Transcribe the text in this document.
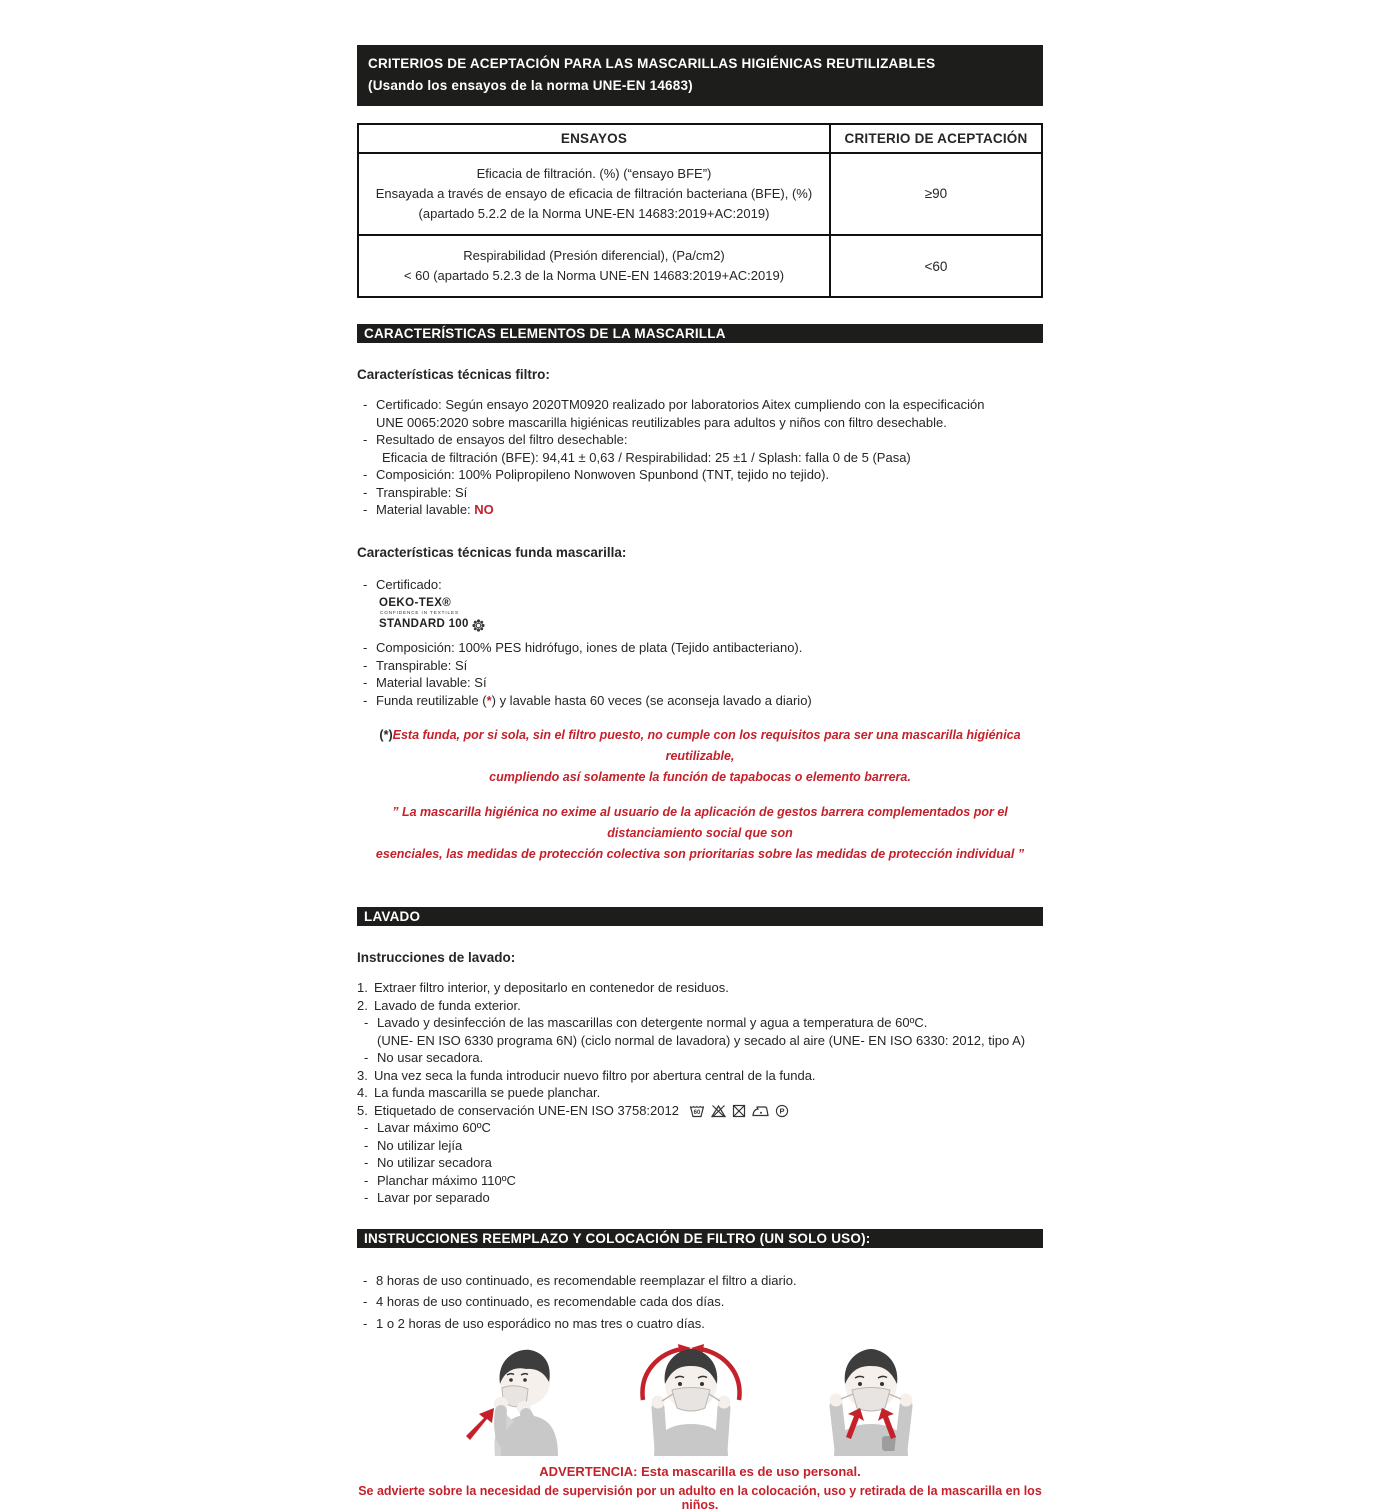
CRITERIOS DE ACEPTACIÓN PARA LAS MASCARILLAS HIGIÉNICAS REUTILIZABLES
(Usando los ensayos de la norma UNE-EN 14683)
ENSAYOS	CRITERIO DE ACEPTACIÓN

Eficacia de filtración. (%) (“ensayo BFE”)
Ensayada a través de ensayo de eficacia de filtración bacteriana (BFE), (%)
(apartado 5.2.2 de la Norma UNE-EN 14683:2019+AC:2019)	≥90

Respirabilidad (Presión diferencial), (Pa/cm2)
< 60 (apartado 5.2.3 de la Norma UNE-EN 14683:2019+AC:2019)	<60
CARACTERÍSTICAS ELEMENTOS DE LA MASCARILLA

Características técnicas filtro:

- Certificado: Según ensayo 2020TM0920 realizado por laboratorios Aitex cumpliendo con la especificación
UNE 0065:2020 sobre mascarilla higiénicas reutilizables para adultos y niños con filtro desechable.
- Resultado de ensayos del filtro desechable:
Eficacia de filtración (BFE): 94,41 ± 0,63 / Respirabilidad: 25 ±1 / Splash: falla 0 de 5 (Pasa)
- Composición: 100% Polipropileno Nonwoven Spunbond (TNT, tejido no tejido).
- Transpirable: Sí
- Material lavable: NO

Características técnicas funda mascarilla:

- Certificado:
OEKO-TEX®
CONFIDENCE IN TEXTILES
STANDARD 100
- Composición: 100% PES hidrófugo, iones de plata (Tejido antibacteriano).
- Transpirable: Sí
- Material lavable: Sí
- Funda reutilizable (*) y lavable hasta 60 veces (se aconseja lavado a diario)
(*)Esta funda, por si sola, sin el filtro puesto, no cumple con los requisitos para ser una mascarilla higiénica reutilizable,
cumpliendo así solamente la función de tapabocas o elemento barrera.
” La mascarilla higiénica no exime al usuario de la aplicación de gestos barrera complementados por el distanciamiento social que son
esenciales, las medidas de protección colectiva son prioritarias sobre las medidas de protección individual ”
LAVADO

Instrucciones de lavado:

1. Extraer filtro interior, y depositarlo en contenedor de residuos.
2. Lavado de funda exterior.
- Lavado y desinfección de las mascarillas con detergente normal y agua a temperatura de 60ºC.
(UNE- EN ISO 6330 programa 6N) (ciclo normal de lavadora) y secado al aire (UNE- EN ISO 6330: 2012, tipo A)
- No usar secadora.
3. Una vez seca la funda introducir nuevo filtro por abertura central de la funda.
4. La funda mascarilla se puede planchar.
5. Etiquetado de conservación UNE-EN ISO 3758:2012 60	P
- Lavar máximo 60ºC
- No utilizar lejía
- No utilizar secadora
- Planchar máximo 110ºC
- Lavar por separado
INSTRUCCIONES REEMPLAZO Y COLOCACIÓN DE FILTRO (UN SOLO USO):
- 8 horas de uso continuado, es recomendable reemplazar el filtro a diario.
- 4 horas de uso continuado, es recomendable cada dos días.
- 1 o 2 horas de uso esporádico no mas tres o cuatro días.
ADVERTENCIA: Esta mascarilla es de uso personal.
Se advierte sobre la necesidad de supervisión por un adulto en la colocación, uso y retirada de la mascarilla en los niños.
